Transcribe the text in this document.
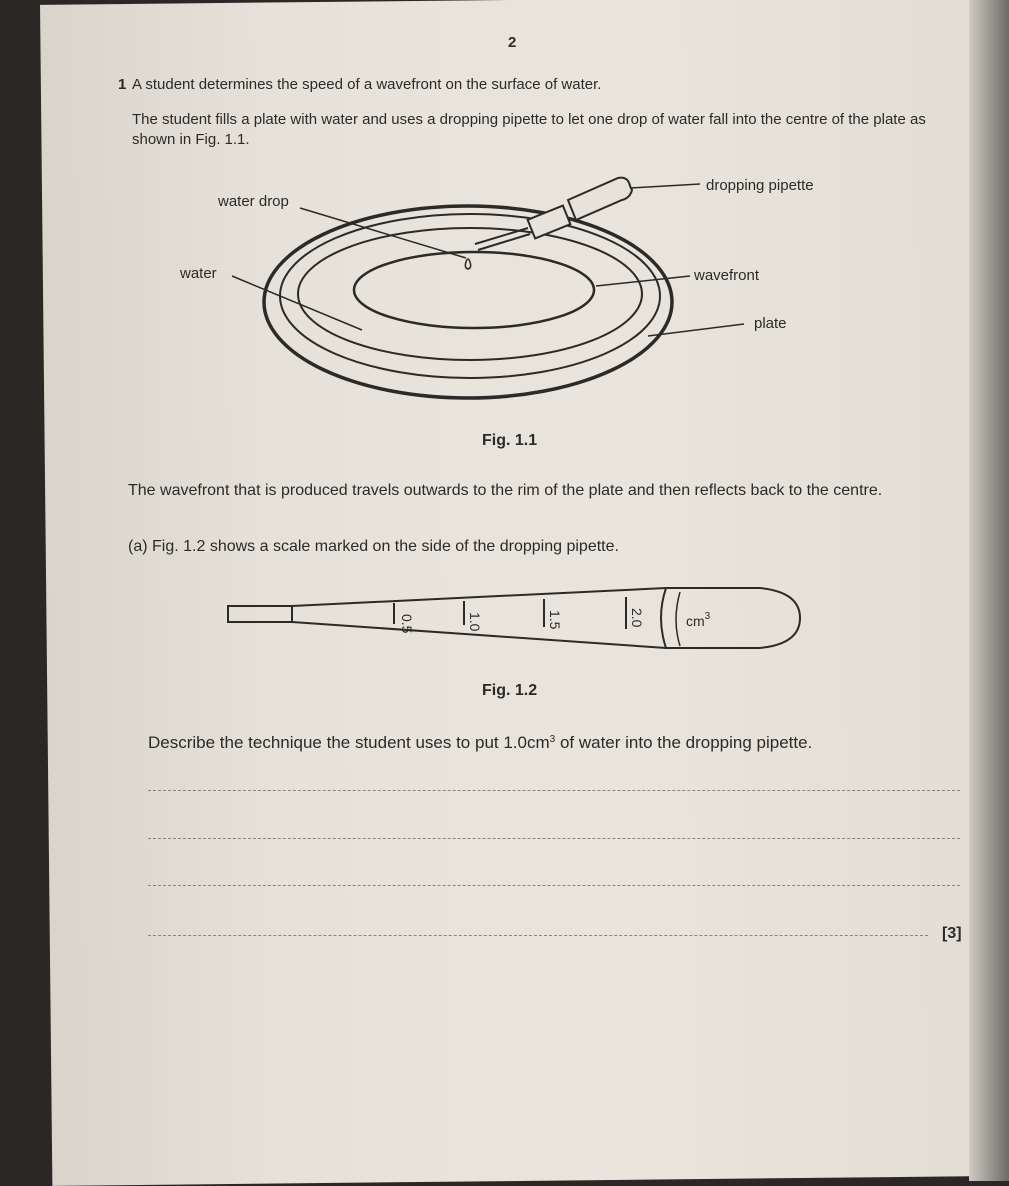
2
1 A student determines the speed of a wavefront on the surface of water.
The student fills a plate with water and uses a dropping pipette to let one drop of water fall into the centre of the plate as shown in Fig. 1.1.
water drop
water
dropping pipette
wavefront
plate
Fig. 1.1
The wavefront that is produced travels outwards to the rim of the plate and then reflects back to the centre.
(a) Fig. 1.2 shows a scale marked on the side of the dropping pipette.
0.5	1.0	1.5	2.0	$cm^3$
Fig. 1.2
Describe the technique the student uses to put $1.0cm^3$ of water into the dropping pipette.
[3]
